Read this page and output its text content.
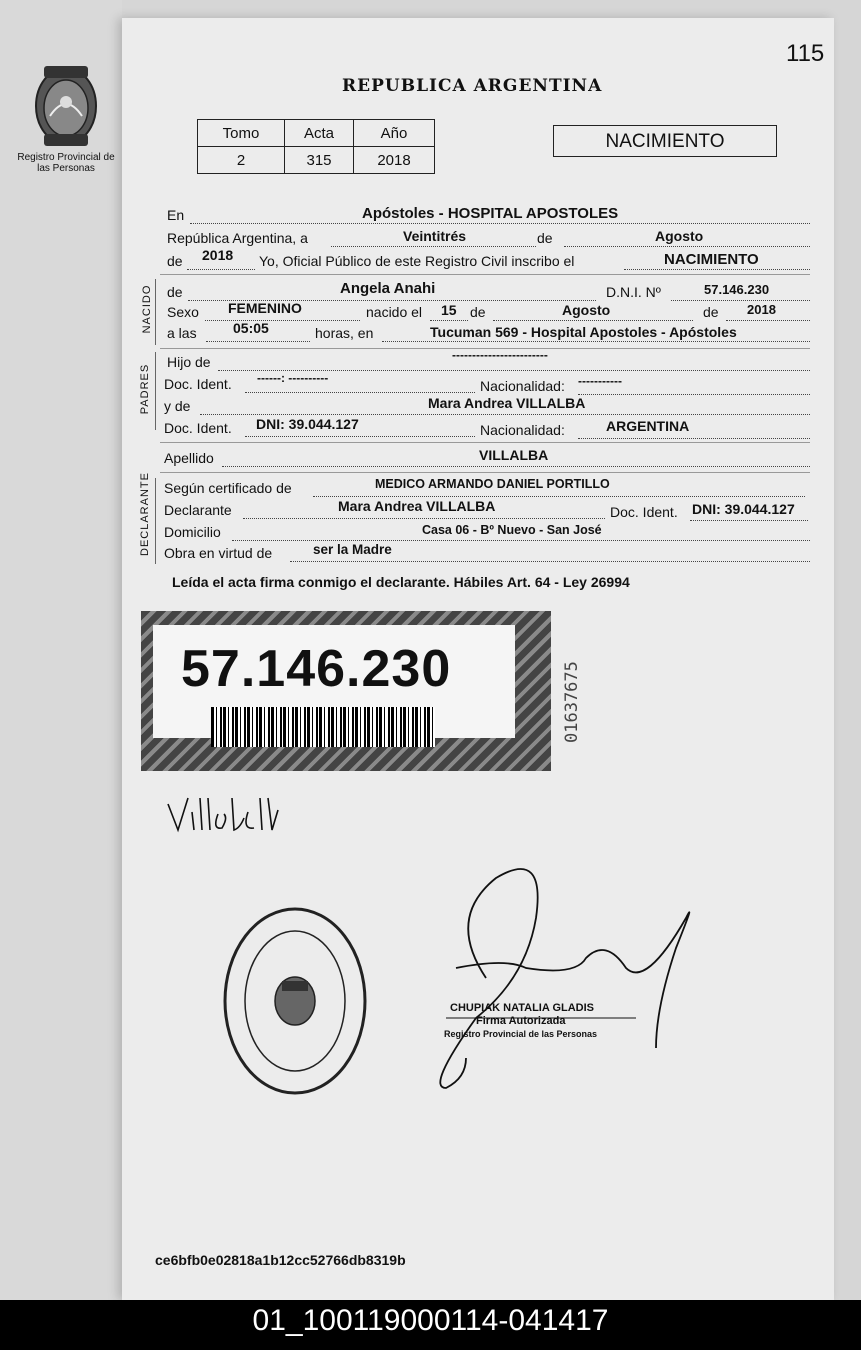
115
Registro Provincial de las Personas
REPUBLICA ARGENTINA
Tomo	Acta	Año
2	315	2018
NACIMIENTO
En	Apóstoles - HOSPITAL APOSTOLES
República Argentina, a	Veintitrés	de	Agosto
de 2018 Yo, Oficial Público de este Registro Civil inscribo el	NACIMIENTO
NACIDO de	Angela Anahi	D.N.I. Nº	57.146.230
Sexo FEMENINO	nacido el 15 de	Agosto	de 2018
a las	05:05	horas, en	Tucuman 569 - Hospital Apostoles - Apóstoles
PADRES
Hijo de	------------------------
Doc. Ident. ------: ----------	Nacionalidad: -----------
y de	Mara Andrea VILLALBA
Doc. Ident. DNI: 39.044.127	Nacionalidad:	ARGENTINA
Apellido	VILLALBA
DECLARANTE Según certificado de	MEDICO ARMANDO DANIEL PORTILLO
Declarante	Mara Andrea VILLALBA	Doc. Ident. DNI: 39.044.127
Domicilio	Casa 06 - Bº Nuevo - San José
Obra en virtud de	ser la Madre
Leída el acta firma conmigo el declarante. Hábiles Art. 64 - Ley 26994
57.146.230	01637675
CHUPIAK NATALIA GLADIS
Firma Autorizada
Registro Provincial de las Personas
ce6bfb0e02818a1b12cc52766db8319b
01_100119000114-041417
